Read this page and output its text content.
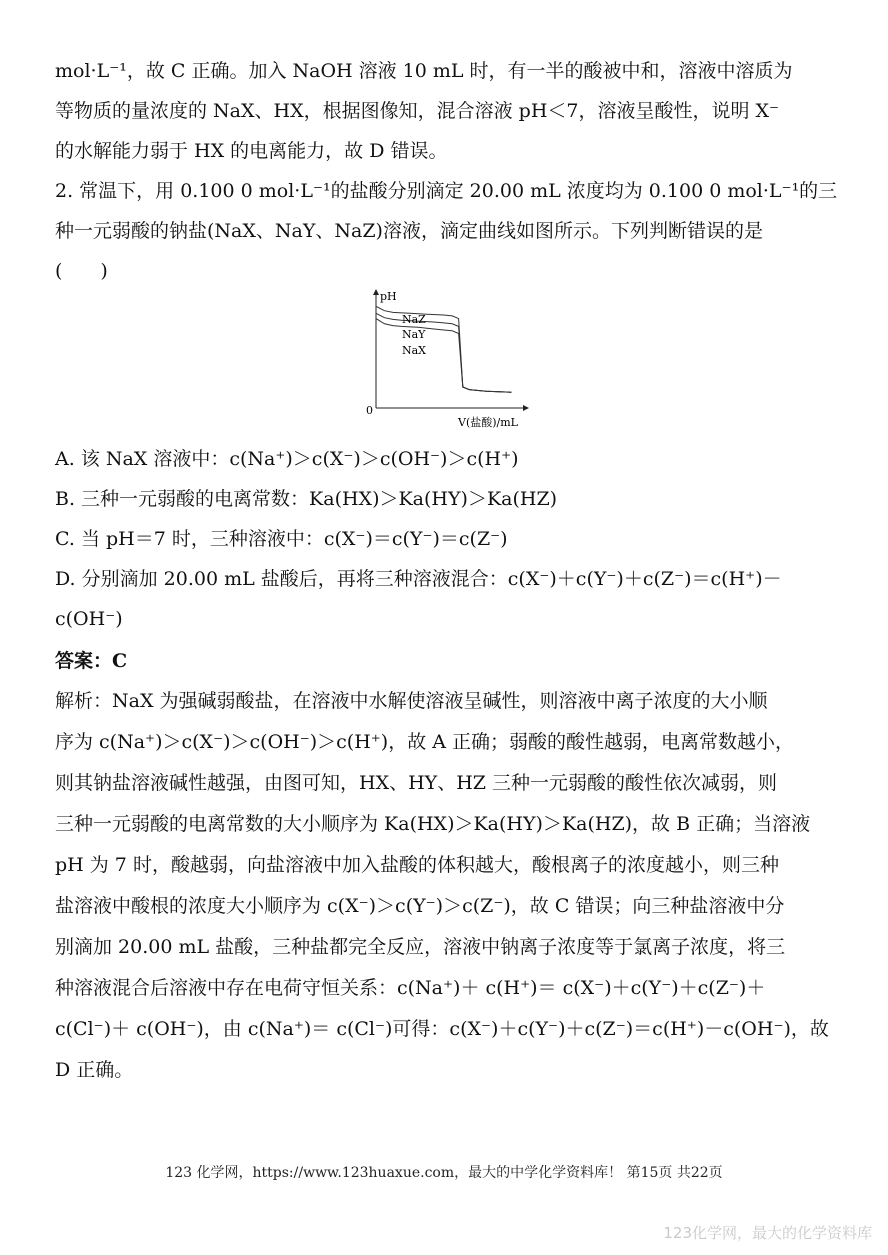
mol·L⁻¹，故 C 正确。加入 NaOH 溶液 10 mL 时，有一半的酸被中和，溶液中溶质为
等物质的量浓度的 NaX、HX，根据图像知，混合溶液 pH＜7，溶液呈酸性，说明 X⁻
的水解能力弱于 HX 的电离能力，故 D 错误。
2. 常温下，用 0.100 0 mol·L⁻¹的盐酸分别滴定 20.00 mL 浓度均为 0.100 0 mol·L⁻¹的三
种一元弱酸的钠盐(NaX、NaY、NaZ)溶液，滴定曲线如图所示。下列判断错误的是
(　　)
pH
0
V(盐酸)/mL
NaZ
NaY
NaX
A. 该 NaX 溶液中：c(Na⁺)＞c(X⁻)＞c(OH⁻)＞c(H⁺)
B. 三种一元弱酸的电离常数：Ka(HX)＞Ka(HY)＞Ka(HZ)
C. 当 pH＝7 时，三种溶液中：c(X⁻)＝c(Y⁻)＝c(Z⁻)
D. 分别滴加 20.00 mL 盐酸后，再将三种溶液混合：c(X⁻)＋c(Y⁻)＋c(Z⁻)＝c(H⁺)－
c(OH⁻)
答案：C
解析：NaX 为强碱弱酸盐，在溶液中水解使溶液呈碱性，则溶液中离子浓度的大小顺
序为 c(Na⁺)＞c(X⁻)＞c(OH⁻)＞c(H⁺)，故 A 正确；弱酸的酸性越弱，电离常数越小，
则其钠盐溶液碱性越强，由图可知，HX、HY、HZ 三种一元弱酸的酸性依次减弱，则
三种一元弱酸的电离常数的大小顺序为 Ka(HX)＞Ka(HY)＞Ka(HZ)，故 B 正确；当溶液
pH 为 7 时，酸越弱，向盐溶液中加入盐酸的体积越大，酸根离子的浓度越小，则三种
盐溶液中酸根的浓度大小顺序为 c(X⁻)＞c(Y⁻)＞c(Z⁻)，故 C 错误；向三种盐溶液中分
别滴加 20.00 mL 盐酸，三种盐都完全反应，溶液中钠离子浓度等于氯离子浓度，将三
种溶液混合后溶液中存在电荷守恒关系：c(Na⁺)＋ c(H⁺)＝ c(X⁻)＋c(Y⁻)＋c(Z⁻)＋
c(Cl⁻)＋ c(OH⁻)，由 c(Na⁺)＝ c(Cl⁻)可得：c(X⁻)＋c(Y⁻)＋c(Z⁻)＝c(H⁺)－c(OH⁻)，故
D 正确。
123 化学网，https://www.123huaxue.com，最大的中学化学资料库！ 第15页 共22页
123化学网，最大的化学资料库
